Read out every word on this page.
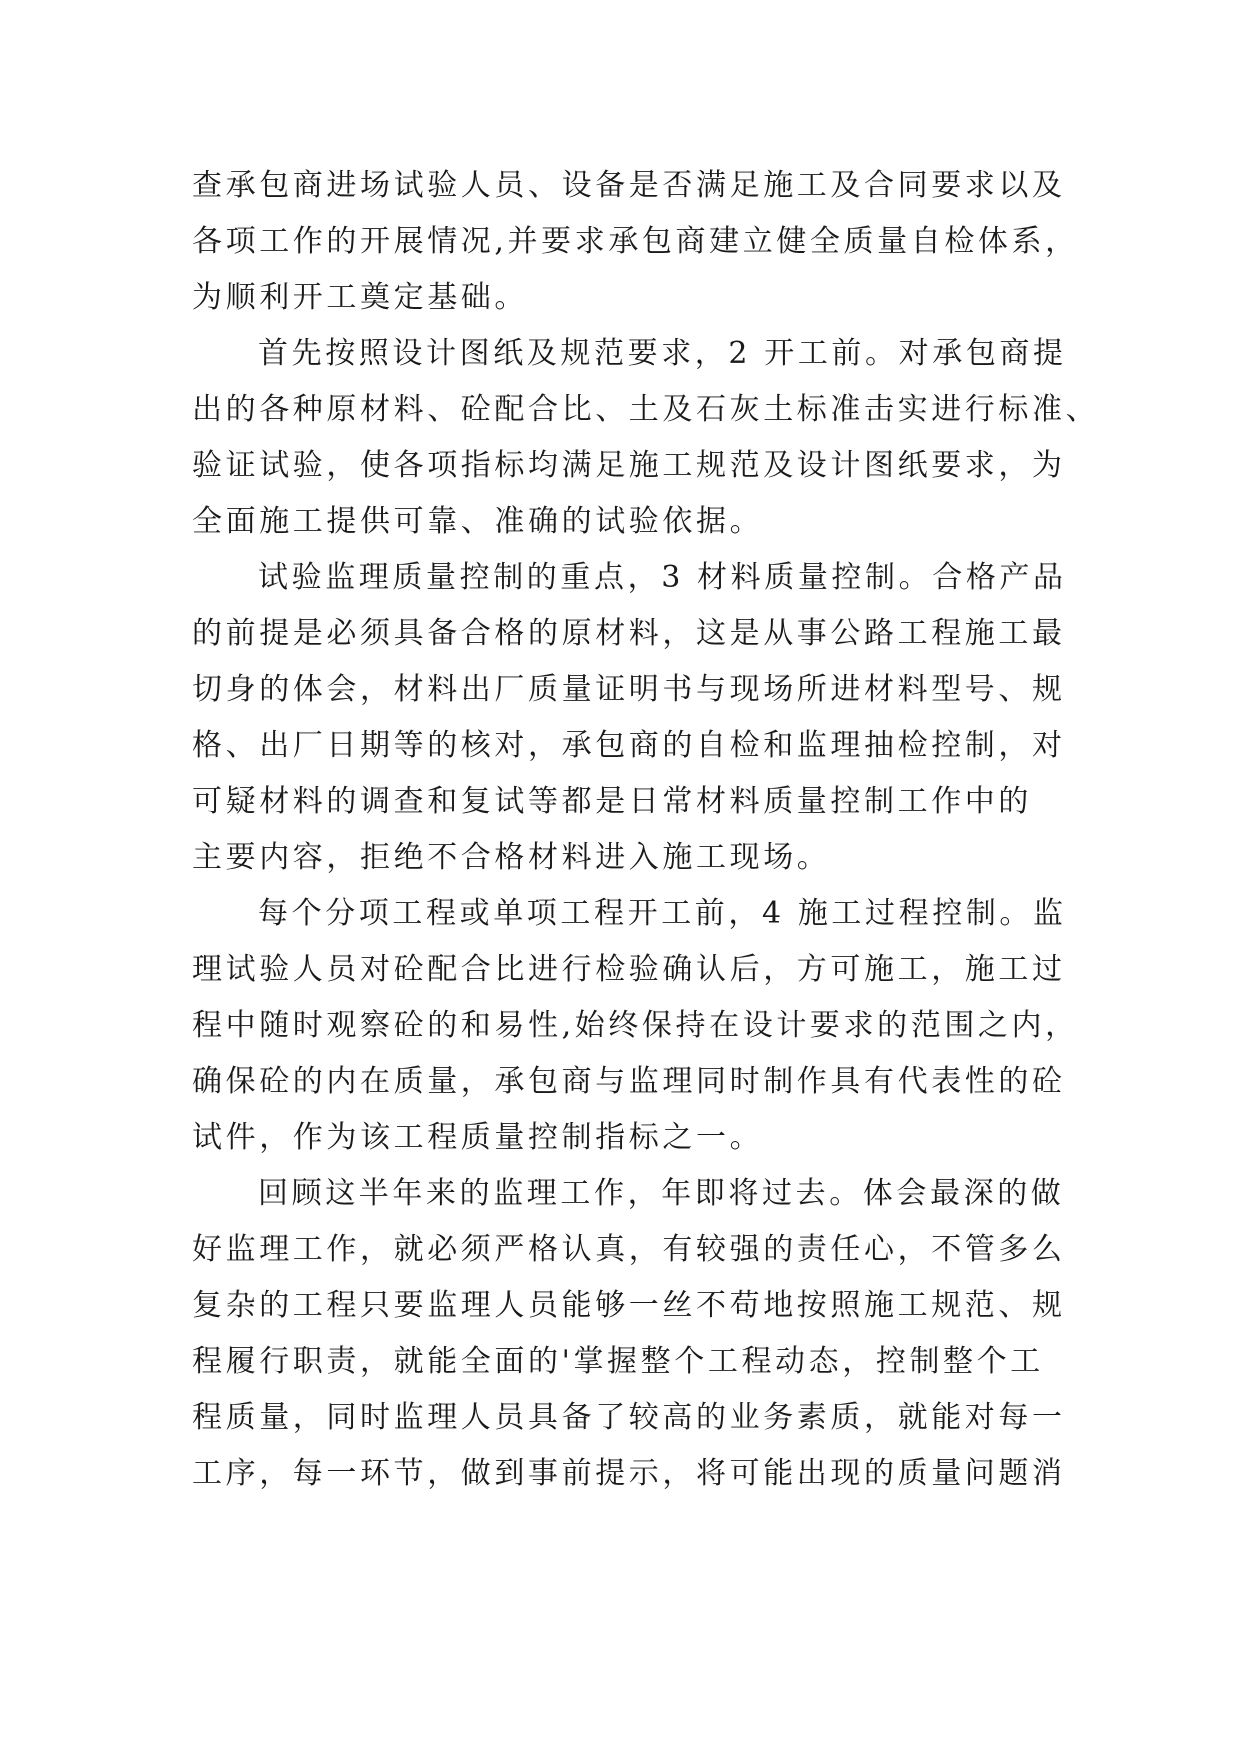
查承包商进场试验人员、设备是否满足施工及合同要求以及
各项工作的开展情况,并要求承包商建立健全质量自检体系，
为顺利开工奠定基础。
首先按照设计图纸及规范要求，2 开工前。对承包商提
出的各种原材料、砼配合比、土及石灰土标准击实进行标准、
验证试验，使各项指标均满足施工规范及设计图纸要求，为
全面施工提供可靠、准确的试验依据。
试验监理质量控制的重点，3 材料质量控制。合格产品
的前提是必须具备合格的原材料，这是从事公路工程施工最
切身的体会，材料出厂质量证明书与现场所进材料型号、规
格、出厂日期等的核对，承包商的自检和监理抽检控制，对
可疑材料的调查和复试等都是日常材料质量控制工作中的
主要内容，拒绝不合格材料进入施工现场。
每个分项工程或单项工程开工前，4 施工过程控制。监
理试验人员对砼配合比进行检验确认后，方可施工，施工过
程中随时观察砼的和易性,始终保持在设计要求的范围之内，
确保砼的内在质量，承包商与监理同时制作具有代表性的砼
试件，作为该工程质量控制指标之一。
回顾这半年来的监理工作，年即将过去。体会最深的做
好监理工作，就必须严格认真，有较强的责任心，不管多么
复杂的工程只要监理人员能够一丝不苟地按照施工规范、规
程履行职责，就能全面的'掌握整个工程动态，控制整个工
程质量，同时监理人员具备了较高的业务素质，就能对每一
工序，每一环节，做到事前提示，将可能出现的质量问题消
